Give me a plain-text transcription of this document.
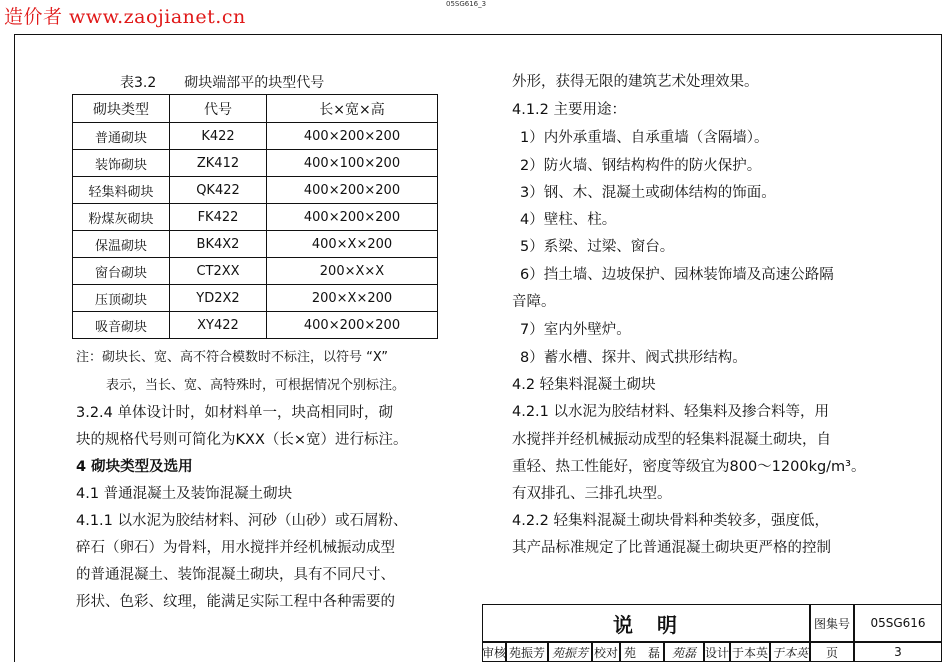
造价者 www.zaojianet.cn
05SG616_3
表3.2　　砌块端部平的块型代号
砌块类型	代号	长×宽×高
普通砌块	K422	400×200×200
装饰砌块	ZK412	400×100×200
轻集料砌块	QK422	400×200×200
粉煤灰砌块	FK422	400×200×200
保温砌块	BK4X2	400×X×200
窗台砌块	CT2XX	200×X×X
压顶砌块	YD2X2	200×X×200
吸音砌块	XY422	400×200×200
注：砌块长、宽、高不符合模数时不标注，以符号 “X”
表示，当长、宽、高特殊时，可根据情况个别标注。
3.2.4 单体设计时，如材料单一，块高相同时，砌
块的规格代号则可简化为KXX（长×宽）进行标注。
4 砌块类型及选用
4.1 普通混凝土及装饰混凝土砌块
4.1.1 以水泥为胶结材料、河砂（山砂）或石屑粉、
碎石（卵石）为骨料，用水搅拌并经机械振动成型
的普通混凝土、装饰混凝土砌块，具有不同尺寸、
形状、色彩、纹理，能满足实际工程中各种需要的
外形，获得无限的建筑艺术处理效果。
4.1.2 主要用途：
1）内外承重墙、自承重墙（含隔墙）。
2）防火墙、钢结构构件的防火保护。
3）钢、木、混凝土或砌体结构的饰面。
4）壁柱、柱。
5）系梁、过梁、窗台。
6）挡土墙、边坡保护、园林装饰墙及高速公路隔
音障。
7）室内外壁炉。
8）蓄水槽、探井、阀式拱形结构。
4.2 轻集料混凝土砌块
4.2.1 以水泥为胶结材料、轻集料及掺合料等，用
水搅拌并经机械振动成型的轻集料混凝土砌块，自
重轻、热工性能好，密度等级宜为800～1200kg/m³。
有双排孔、三排孔块型。
4.2.2 轻集料混凝土砌块骨料种类较多，强度低，
其产品标准规定了比普通混凝土砌块更严格的控制
说　明	图集号	05SG616
审核 苑振芳 苑振芳 校对 苑　磊 苑磊 设计 于本英 于本英	页	3
